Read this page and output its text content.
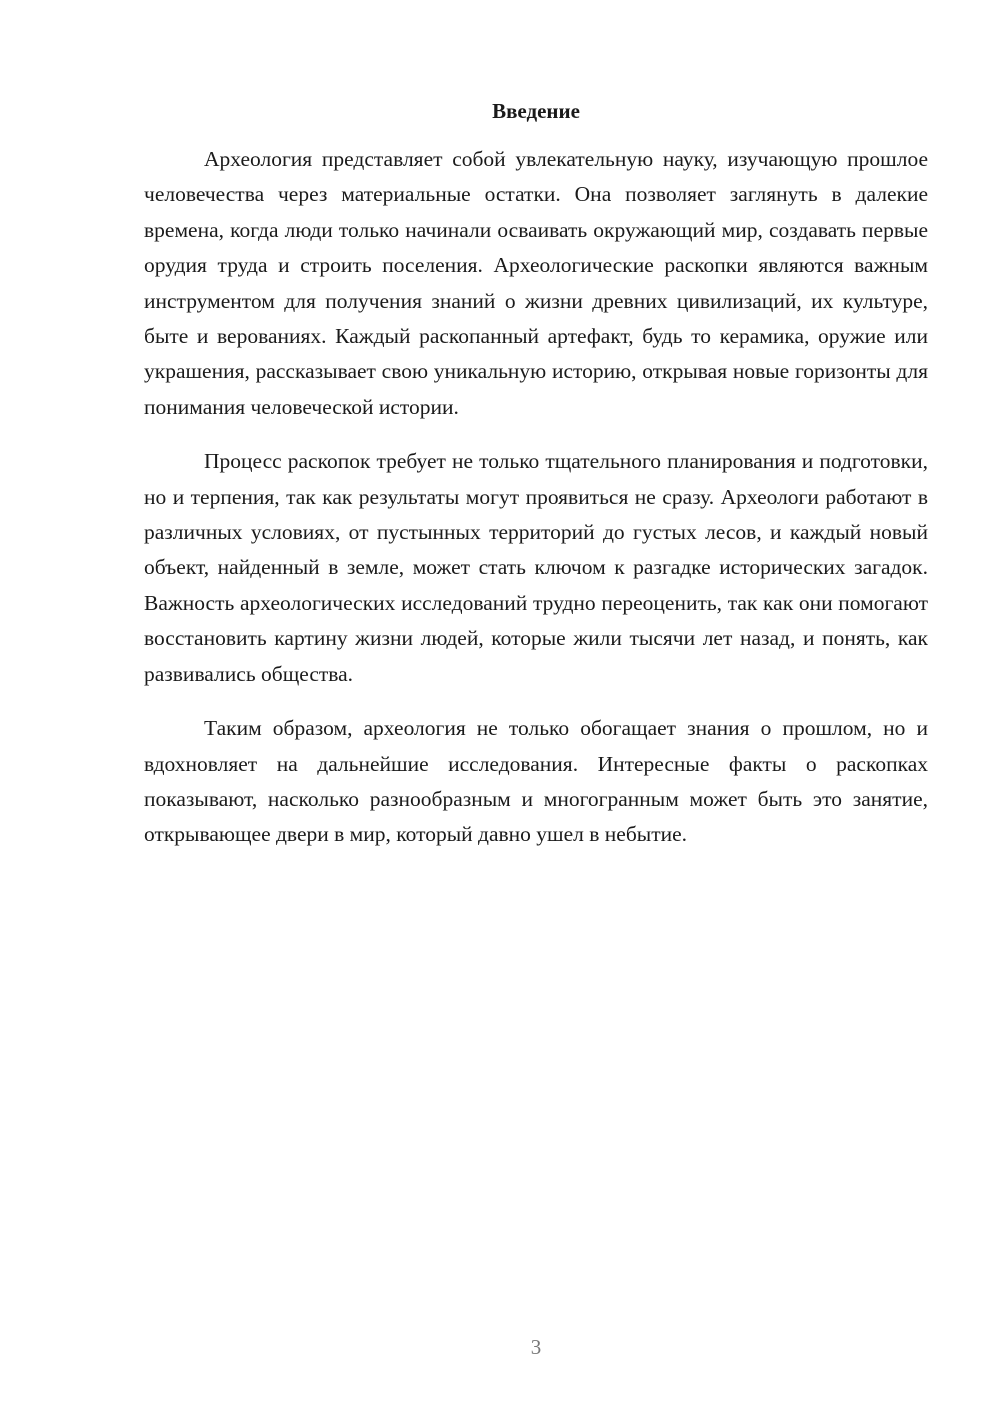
Введение

Археология представляет собой увлекательную науку, изучающую прошлое человечества через материальные остатки. Она позволяет заглянуть в далекие времена, когда люди только начинали осваивать окружающий мир, создавать первые орудия труда и строить поселения. Археологические раскопки являются важным инструментом для получения знаний о жизни древних цивилизаций, их культуре, быте и верованиях. Каждый раскопанный артефакт, будь то керамика, оружие или украшения, рассказывает свою уникальную историю, открывая новые горизонты для понимания человеческой истории.

Процесс раскопок требует не только тщательного планирования и подготовки, но и терпения, так как результаты могут проявиться не сразу. Археологи работают в различных условиях, от пустынных территорий до густых лесов, и каждый новый объект, найденный в земле, может стать ключом к разгадке исторических загадок. Важность археологических исследований трудно переоценить, так как они помогают восстановить картину жизни людей, которые жили тысячи лет назад, и понять, как развивались общества.

Таким образом, археология не только обогащает знания о прошлом, но и вдохновляет на дальнейшие исследования. Интересные факты о раскопках показывают, насколько разнообразным и многогранным может быть это занятие, открывающее двери в мир, который давно ушел в небытие.

3
